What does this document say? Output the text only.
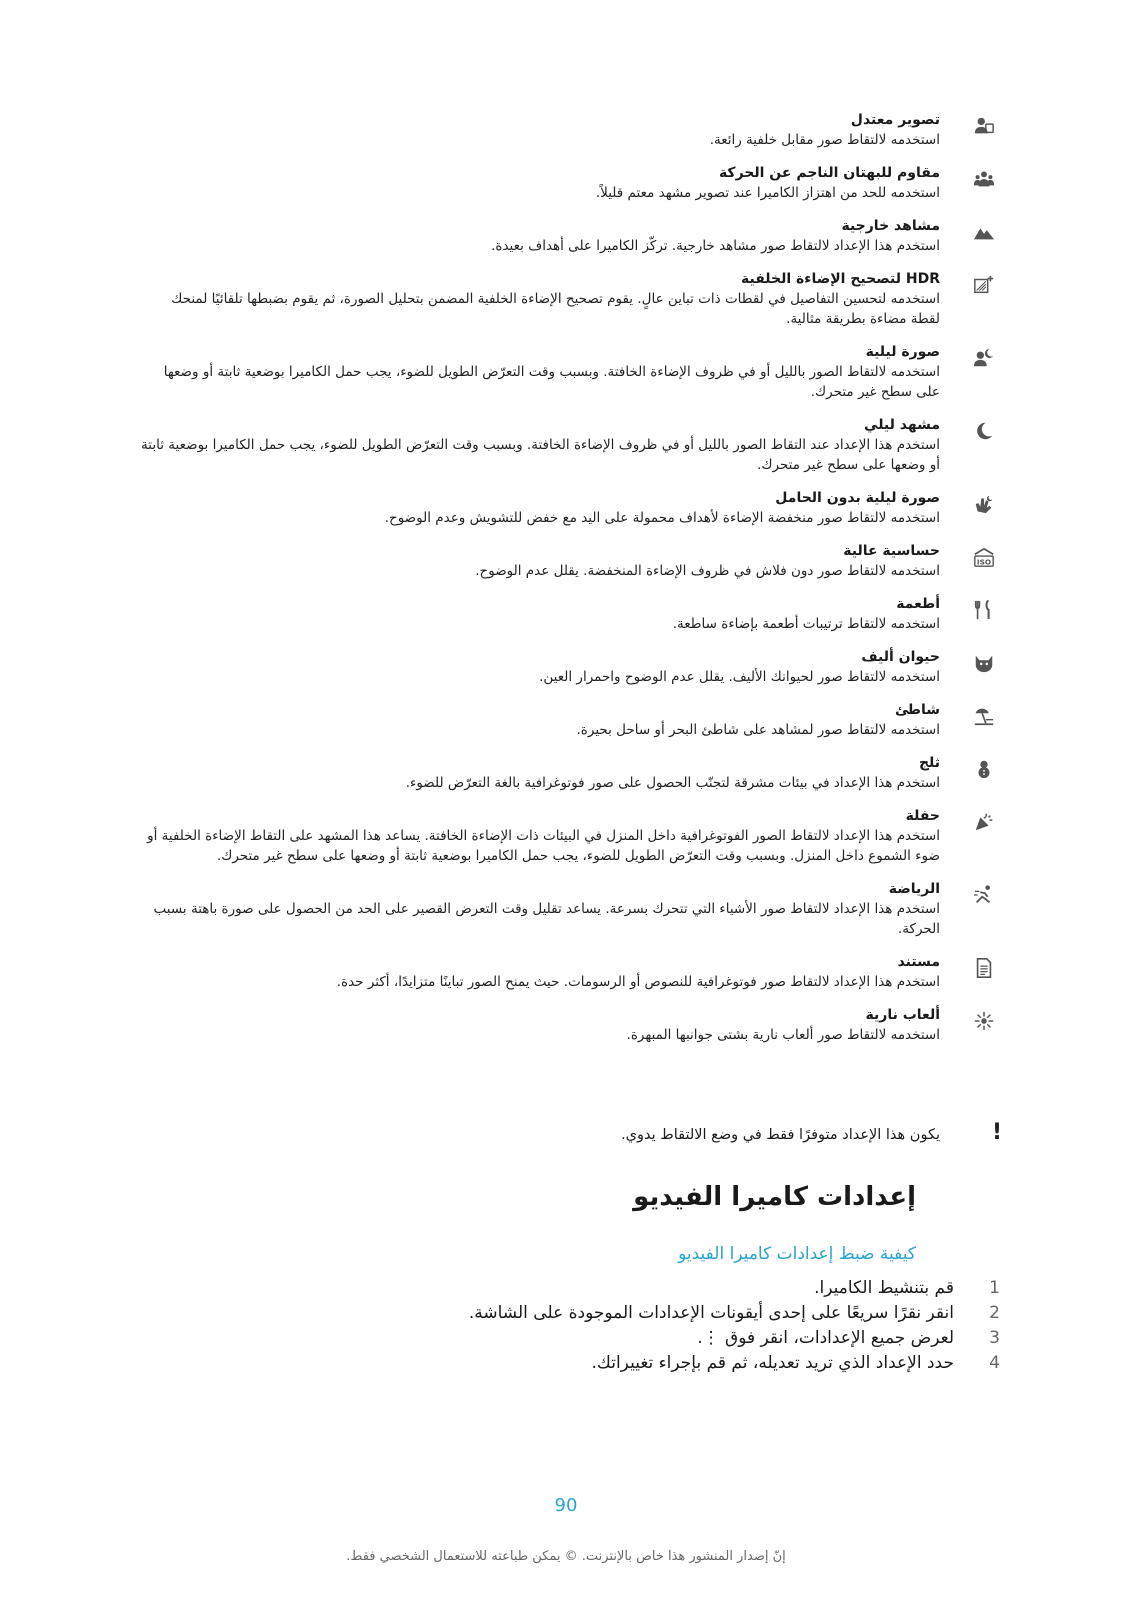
تصوير معتدل
استخدمه لالتقاط صور مقابل خلفية رائعة.
مقاوم للبهتان الناجم عن الحركة
استخدمه للحد من اهتزاز الكاميرا عند تصوير مشهد معتم قليلاً.
مشاهد خارجية
استخدم هذا الإعداد لالتقاط صور مشاهد خارجية. تركّز الكاميرا على أهداف بعيدة.
HDR لتصحيح الإضاءة الخلفية
استخدمه لتحسين التفاصيل في لقطات ذات تباين عالٍ. يقوم تصحيح الإضاءة الخلفية المضمن بتحليل الصورة، ثم يقوم بضبطها تلقائيًا لمنحك لقطة مضاءة بطريقة مثالية.
صورة ليلية
استخدمه لالتقاط الصور بالليل أو في ظروف الإضاءة الخافتة. وبسبب وقت التعرّض الطويل للضوء، يجب حمل الكاميرا بوضعية ثابتة أو وضعها على سطح غير متحرك.
مشهد ليلي
استخدم هذا الإعداد عند التقاط الصور بالليل أو في ظروف الإضاءة الخافتة. وبسبب وقت التعرّض الطويل للضوء، يجب حمل الكاميرا بوضعية ثابتة أو وضعها على سطح غير متحرك.
صورة ليلية بدون الحامل
استخدمه لالتقاط صور منخفضة الإضاءة لأهداف محمولة على اليد مع خفض للتشويش وعدم الوضوح.
ISO
حساسية عالية
استخدمه لالتقاط صور دون فلاش في ظروف الإضاءة المنخفضة. يقلل عدم الوضوح.
أطعمة
استخدمه لالتقاط ترتيبات أطعمة بإضاءة ساطعة.
حيوان أليف
استخدمه لالتقاط صور لحيوانك الأليف. يقلل عدم الوضوح واحمرار العين.
شاطئ
استخدمه لالتقاط صور لمشاهد على شاطئ البحر أو ساحل بحيرة.
ثلج
استخدم هذا الإعداد في بيئات مشرقة لتجنّب الحصول على صور فوتوغرافية بالغة التعرّض للضوء.
حفلة
استخدم هذا الإعداد لالتقاط الصور الفوتوغرافية داخل المنزل في البيئات ذات الإضاءة الخافتة. يساعد هذا المشهد على التقاط الإضاءة الخلفية أو ضوء الشموع داخل المنزل. وبسبب وقت التعرّض الطويل للضوء، يجب حمل الكاميرا بوضعية ثابتة أو وضعها على سطح غير متحرك.
الرياضة
استخدم هذا الإعداد لالتقاط صور الأشياء التي تتحرك بسرعة. يساعد تقليل وقت التعرض القصير على الحد من الحصول على صورة باهتة بسبب الحركة.
مستند
استخدم هذا الإعداد لالتقاط صور فوتوغرافية للنصوص أو الرسومات. حيث يمنح الصور تباينًا متزايدًا، أكثر حدة.
ألعاب نارية
استخدمه لالتقاط صور ألعاب نارية بشتى جوانبها المبهرة.
!
يكون هذا الإعداد متوفرًا فقط في وضع الالتقاط يدوي.
إعدادات كاميرا الفيديو
كيفية ضبط إعدادات كاميرا الفيديو
1
قم بتنشيط الكاميرا.
2
انقر نقرًا سريعًا على إحدى أيقونات الإعدادات الموجودة على الشاشة.
3
لعرض جميع الإعدادات، انقر فوق ⋮.
4
حدد الإعداد الذي تريد تعديله، ثم قم بإجراء تغييراتك.
90
إنّ إصدار المنشور هذا خاص بالإنترنت. © يمكن طباعته للاستعمال الشخصي فقط.
